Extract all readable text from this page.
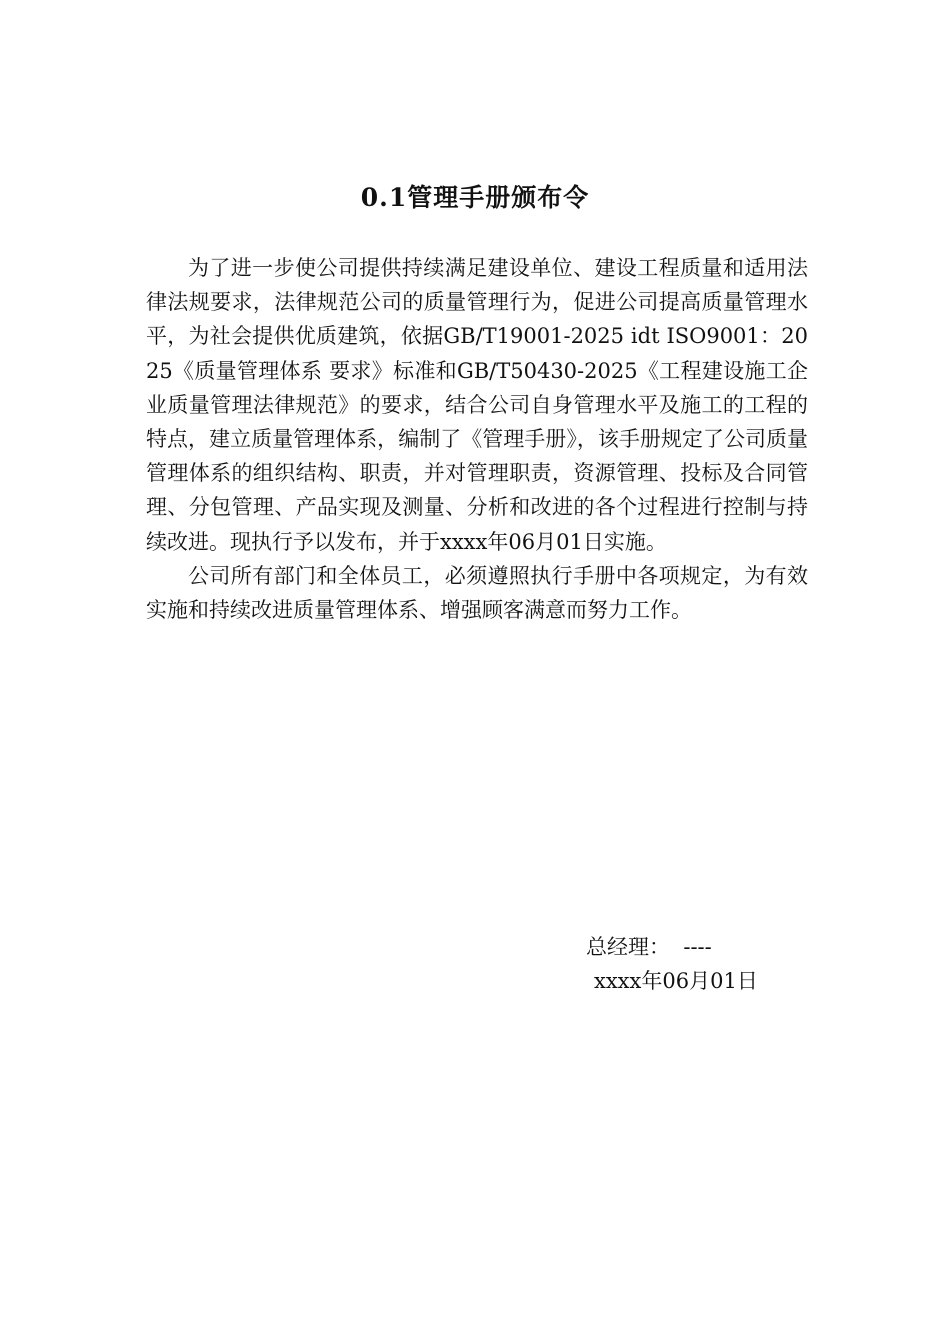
0.1管理手册颁布令

为了进一步使公司提供持续满足建设单位、建设工程质量和适用法律法规要求，法律规范公司的质量管理行为，促进公司提高质量管理水平，为社会提供优质建筑，依据GB/T19001-2025 idt ISO9001：2025《质量管理体系 要求》标准和GB/T50430-2025《工程建设施工企业质量管理法律规范》的要求，结合公司自身管理水平及施工的工程的特点，建立质量管理体系，编制了《管理手册》，该手册规定了公司质量管理体系的组织结构、职责，并对管理职责，资源管理、投标及合同管理、分包管理、产品实现及测量、分析和改进的各个过程进行控制与持续改进。现执行予以发布，并于xxxx年06月01日实施。

公司所有部门和全体员工，必须遵照执行手册中各项规定，为有效实施和持续改进质量管理体系、增强顾客满意而努力工作。

总经理：  ----
xxxx年06月01日
